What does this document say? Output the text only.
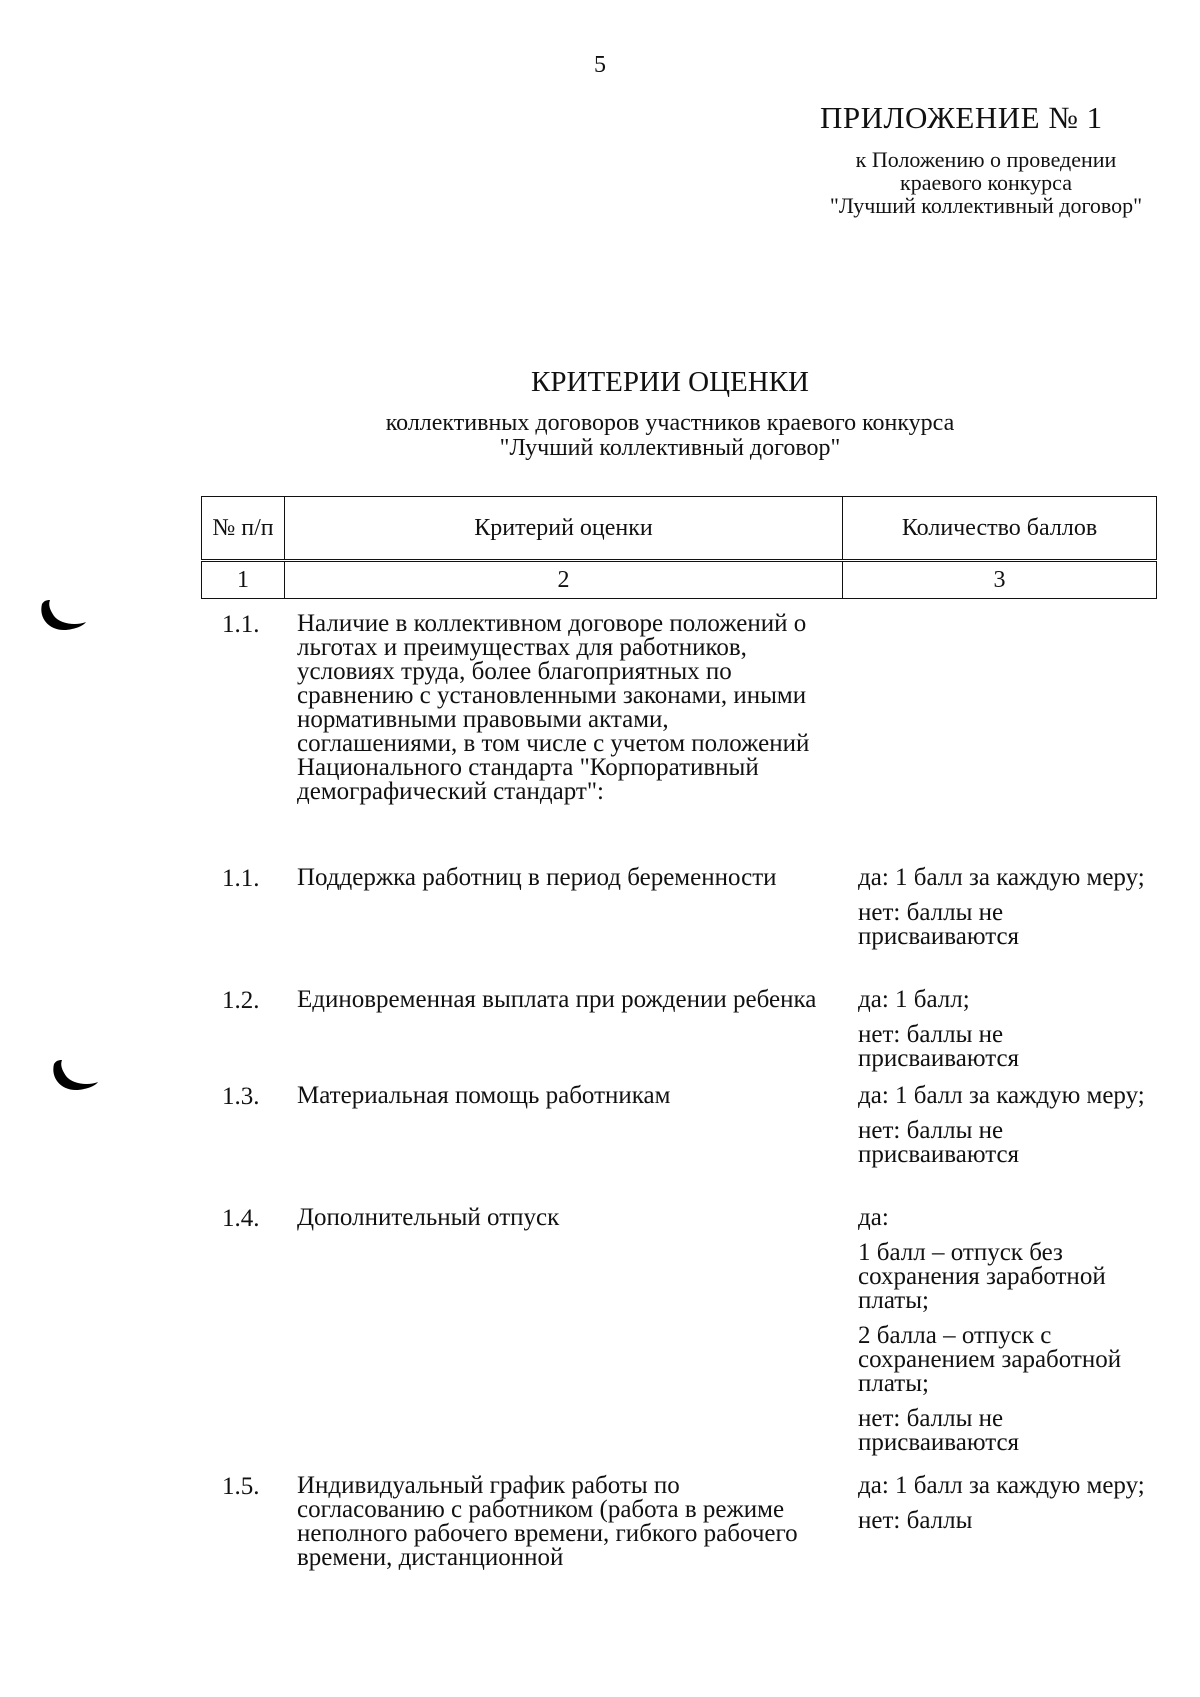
5
ПРИЛОЖЕНИЕ № 1
к Положению о проведении
краевого конкурса
"Лучший коллективный договор"
КРИТЕРИИ ОЦЕНКИ
коллективных договоров участников краевого конкурса
"Лучший коллективный договор"
№ п/п	Критерий оценки	Количество баллов

1	2	3
1.1. Наличие в коллективном договоре положений о льготах и преимуществах для работников, условиях труда, более благоприятных по сравнению с установленными законами, иными нормативными правовыми актами, соглашениями, в том числе с учетом положений Национального стандарта "Корпоративный демографический стандарт":
1.1. Поддержка работниц в период беременности	да: 1 балл за каждую меру;

нет: баллы не присваиваются

1.2. Единовременная выплата при рождении ребенка	да: 1 балл;

нет: баллы не присваиваются

1.3. Материальная помощь работникам	да: 1 балл за каждую меру;

нет: баллы не присваиваются

1.4. Дополнительный отпуск	да:

1 балл – отпуск без сохранения заработной платы;

2 балла – отпуск с сохранением заработной платы;

нет: баллы не присваиваются

1.5. Индивидуальный график работы по согласованию с работником (работа в режиме неполного рабочего времени, гибкого рабочего времени, дистанционной

да: 1 балл за каждую меру;

нет: баллы
